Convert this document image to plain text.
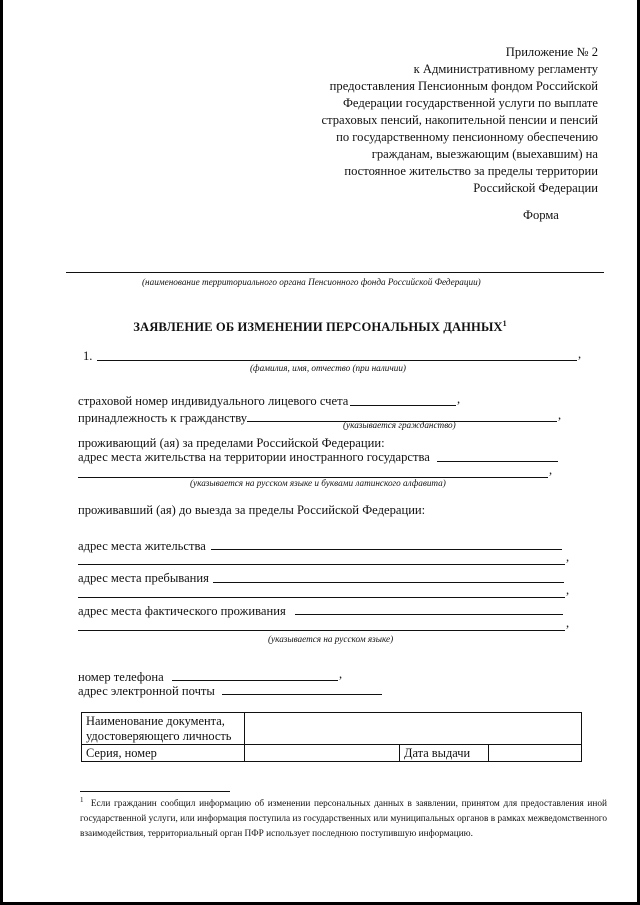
Приложение № 2
к Административному регламенту
предоставления Пенсионным фондом Российской
Федерации государственной услуги по выплате
страховых пенсий, накопительной пенсии и пенсий
по государственному пенсионному обеспечению
гражданам, выезжающим (выехавшим) на
постоянное жительство за пределы территории
Российской Федерации
Форма
(наименование территориального органа Пенсионного фонда Российской Федерации)
ЗАЯВЛЕНИЕ ОБ ИЗМЕНЕНИИ ПЕРСОНАЛЬНЫХ ДАННЫХ$^1$
1.	,
(фамилия, имя, отчество (при наличии)
страховой номер индивидуального лицевого счета	,
принадлежность к гражданству	,
(указывается гражданство)
проживающий (ая) за пределами Российской Федерации:
адрес места жительства на территории иностранного государства
,
(указывается на русском языке и буквами латинского алфавита)
проживавший (ая) до выезда за пределы Российской Федерации:
адрес места жительства
,
адрес места пребывания
,
адрес места фактического проживания
,
(указывается на русском языке)
номер телефона	,
адрес электронной почты
Наименование документа,			
удостоверяющего личность			
Серия, номер		Дата выдачи	
$^1$ Если гражданин сообщил информацию об изменении персональных данных в заявлении, принятом для предоставления иной государственной услуги, или информация поступила из государственных или муниципальных органов в рамках межведомственного взаимодействия, территориальный орган ПФР использует последнюю поступившую информацию.
